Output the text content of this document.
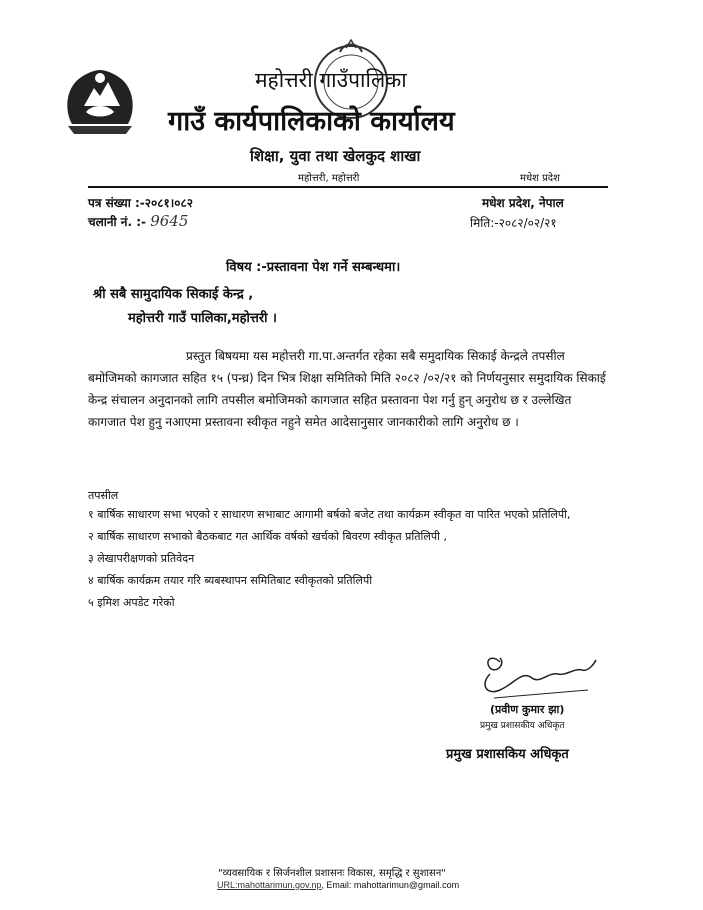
महोत्तरी गाउँपालिका
गाउँ कार्यपालिकाको कार्यालय
शिक्षा, युवा तथा खेलकुद शाखा
महोत्तरी, महोत्तरी	मधेश प्रदेश
पत्र संख्या :-२०८१।०८२	मधेश प्रदेश, नेपाल
चलानी नं. :- 9645	मिति:-२०८२/०२/२१
विषय :-प्रस्तावना पेश गर्ने सम्बन्धमा।
श्री सबै सामुदायिक सिकाई केन्द्र ,
महोत्तरी गाउँ पालिका,महोत्तरी ।
प्रस्तुत बिषयमा यस महोत्तरी गा.पा.अन्तर्गत रहेका सबै समुदायिक सिकाई केन्द्रले तपसील बमोजिमको कागजात सहित १५ (पन्ध्र) दिन भित्र शिक्षा समितिको मिति २०८२ /०२/२१ को निर्णयनुसार समुदायिक सिकाई केन्द्र संचालन अनुदानको लागि तपसील बमोजिमको कागजात सहित प्रस्तावना पेश गर्नु हुन् अनुरोध छ र उल्लेखित कागजात पेश हुनु नआएमा प्रस्तावना स्वीकृत नहुने समेत आदेसानुसार जानकारीको लागि अनुरोध छ ।
तपसील
१ बार्षिक साधारण सभा भएको र साधारण सभाबाट आगामी बर्षको बजेट तथा कार्यक्रम स्वीकृत वा पारित भएको प्रतिलिपी,
२ बार्षिक साधारण सभाको बैठकबाट गत आर्थिक वर्षको खर्चको बिवरण स्वीकृत प्रतिलिपी ,
३ लेखापरीक्षणको प्रतिवेदन
४ बार्षिक कार्यक्रम तयार गरि ब्यबस्थापन समितिबाट स्वीकृतको प्रतिलिपी
५ इमिश अपडेट गरेको
(प्रवीण कुमार झा)
प्रमुख प्रशासकीय अधिकृत
प्रमुख प्रशासकिय अधिकृत
"व्यवसायिक र सिर्जनशील प्रशासनः विकास, समृद्धि र सुशासन"
URL:mahottarimun.gov.np, Email: mahottarimun@gmail.com
